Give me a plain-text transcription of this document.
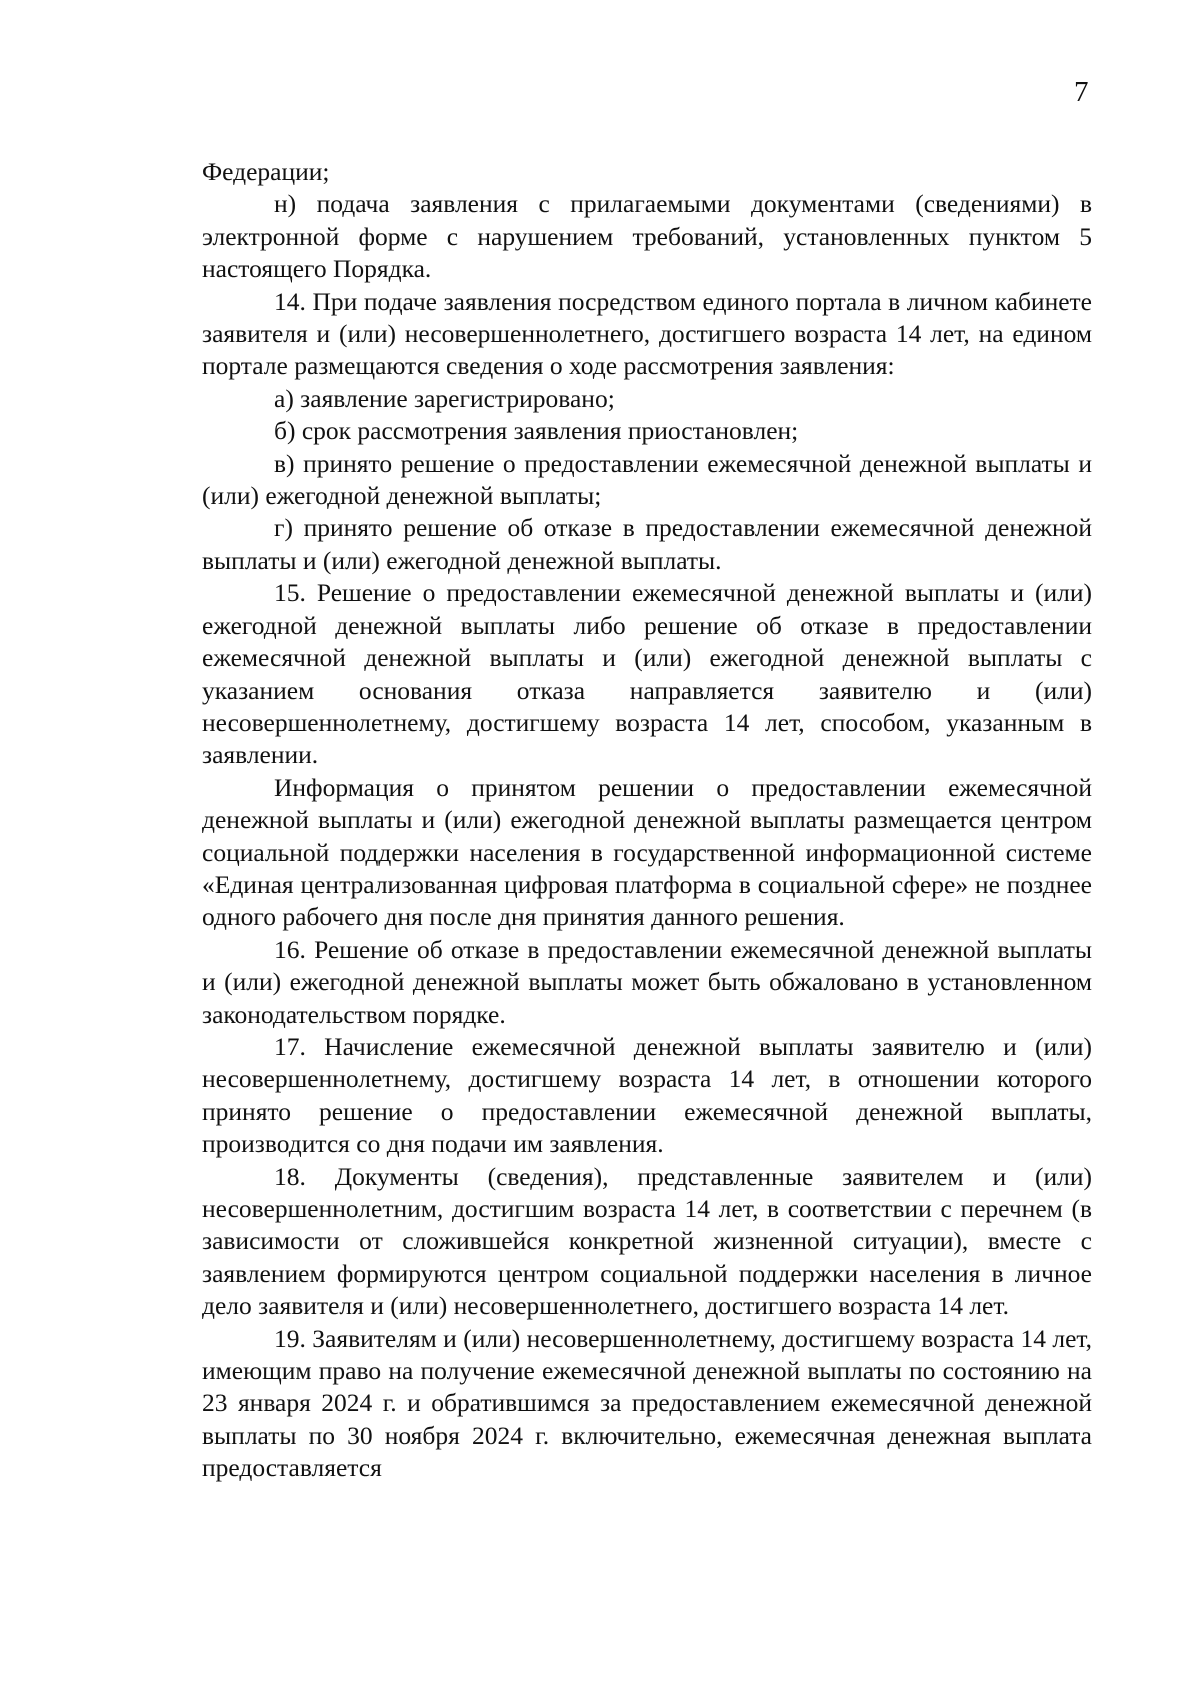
7

Федерации;

н) подача заявления с прилагаемыми документами (сведениями) в электронной форме с нарушением требований, установленных пунктом 5 настоящего Порядка.

14. При подаче заявления посредством единого портала в личном кабинете заявителя и (или) несовершеннолетнего, достигшего возраста 14 лет, на едином портале размещаются сведения о ходе рассмотрения заявления:

а) заявление зарегистрировано;

б) срок рассмотрения заявления приостановлен;

в) принято решение о предоставлении ежемесячной денежной выплаты и (или) ежегодной денежной выплаты;

г) принято решение об отказе в предоставлении ежемесячной денежной выплаты и (или) ежегодной денежной выплаты.

15. Решение о предоставлении ежемесячной денежной выплаты и (или) ежегодной денежной выплаты либо решение об отказе в предоставлении ежемесячной денежной выплаты и (или) ежегодной денежной выплаты с указанием основания отказа направляется заявителю и (или) несовершеннолетнему, достигшему возраста 14 лет, способом, указанным в заявлении.

Информация о принятом решении о предоставлении ежемесячной денежной выплаты и (или) ежегодной денежной выплаты размещается центром социальной поддержки населения в государственной информационной системе «Единая централизованная цифровая платформа в социальной сфере» не позднее одного рабочего дня после дня принятия данного решения.

16. Решение об отказе в предоставлении ежемесячной денежной выплаты и (или) ежегодной денежной выплаты может быть обжаловано в установленном законодательством порядке.

17. Начисление ежемесячной денежной выплаты заявителю и (или) несовершеннолетнему, достигшему возраста 14 лет, в отношении которого принято решение о предоставлении ежемесячной денежной выплаты, производится со дня подачи им заявления.

18. Документы (сведения), представленные заявителем и (или) несовершеннолетним, достигшим возраста 14 лет, в соответствии с перечнем (в зависимости от сложившейся конкретной жизненной ситуации), вместе с заявлением формируются центром социальной поддержки населения в личное дело заявителя и (или) несовершеннолетнего, достигшего возраста 14 лет.

19. Заявителям и (или) несовершеннолетнему, достигшему возраста 14 лет, имеющим право на получение ежемесячной денежной выплаты по состоянию на 23 января 2024 г. и обратившимся за предоставлением ежемесячной денежной выплаты по 30 ноября 2024 г. включительно, ежемесячная денежная выплата предоставляется
